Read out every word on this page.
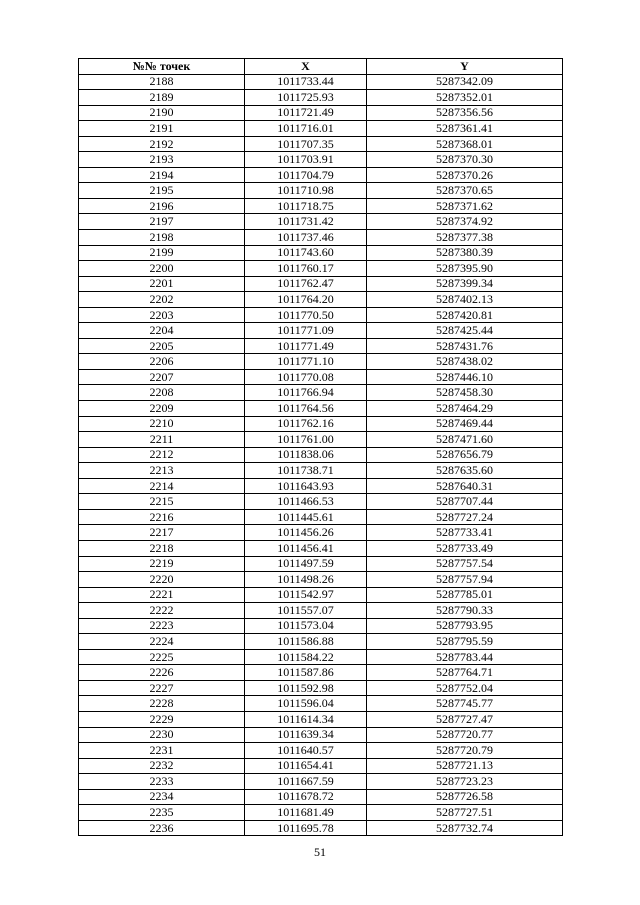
№№ точек	X	Y
2188	1011733.44	5287342.09
2189	1011725.93	5287352.01
2190	1011721.49	5287356.56
2191	1011716.01	5287361.41
2192	1011707.35	5287368.01
2193	1011703.91	5287370.30
2194	1011704.79	5287370.26
2195	1011710.98	5287370.65
2196	1011718.75	5287371.62
2197	1011731.42	5287374.92
2198	1011737.46	5287377.38
2199	1011743.60	5287380.39
2200	1011760.17	5287395.90
2201	1011762.47	5287399.34
2202	1011764.20	5287402.13
2203	1011770.50	5287420.81
2204	1011771.09	5287425.44
2205	1011771.49	5287431.76
2206	1011771.10	5287438.02
2207	1011770.08	5287446.10
2208	1011766.94	5287458.30
2209	1011764.56	5287464.29
2210	1011762.16	5287469.44
2211	1011761.00	5287471.60
2212	1011838.06	5287656.79
2213	1011738.71	5287635.60
2214	1011643.93	5287640.31
2215	1011466.53	5287707.44
2216	1011445.61	5287727.24
2217	1011456.26	5287733.41
2218	1011456.41	5287733.49
2219	1011497.59	5287757.54
2220	1011498.26	5287757.94
2221	1011542.97	5287785.01
2222	1011557.07	5287790.33
2223	1011573.04	5287793.95
2224	1011586.88	5287795.59
2225	1011584.22	5287783.44
2226	1011587.86	5287764.71
2227	1011592.98	5287752.04
2228	1011596.04	5287745.77
2229	1011614.34	5287727.47
2230	1011639.34	5287720.77
2231	1011640.57	5287720.79
2232	1011654.41	5287721.13
2233	1011667.59	5287723.23
2234	1011678.72	5287726.58
2235	1011681.49	5287727.51
2236	1011695.78	5287732.74
51
